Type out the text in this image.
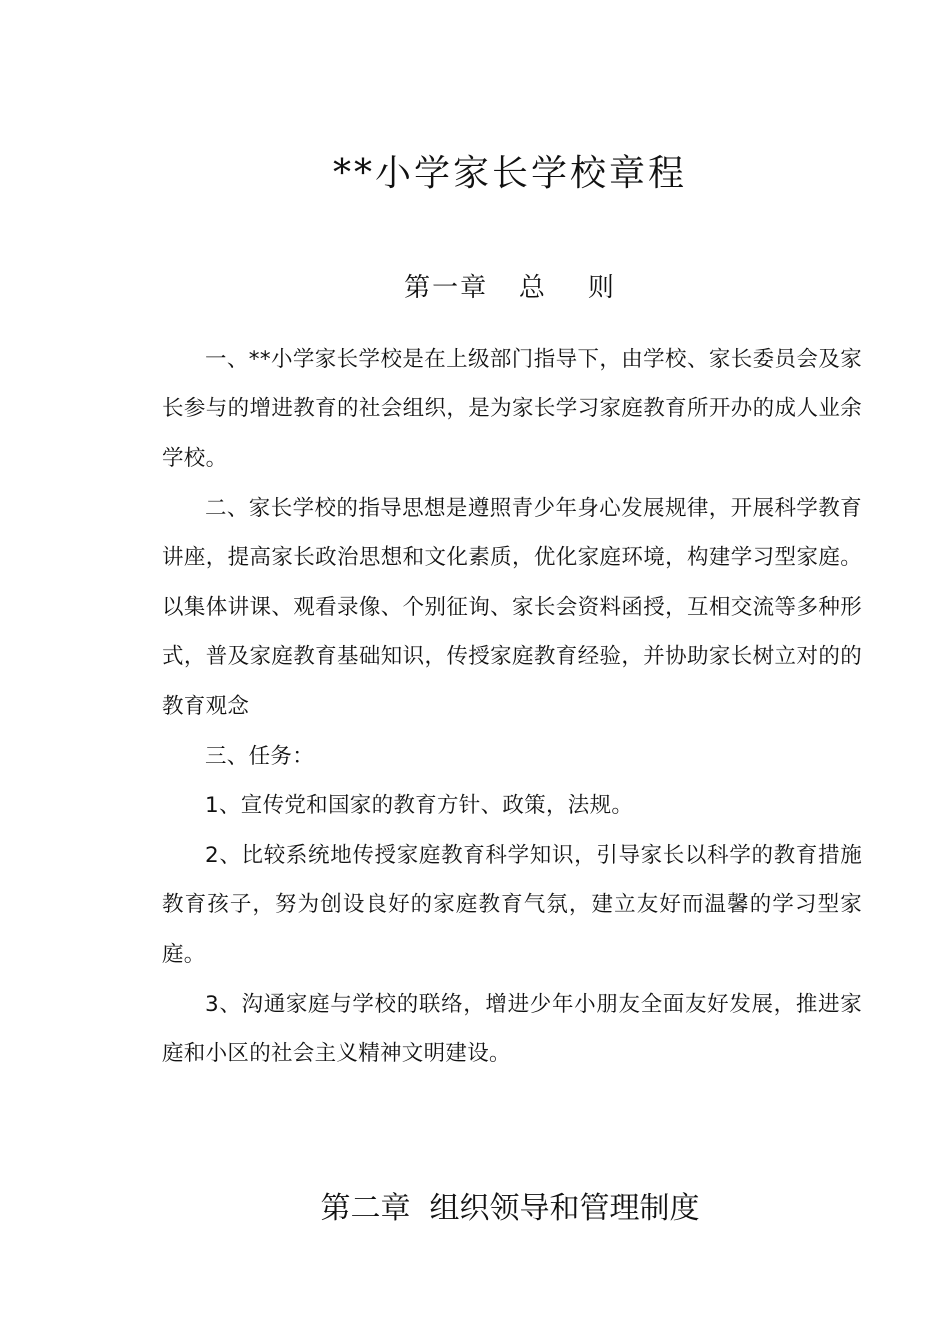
**小学家长学校章程
第一章   总    则

一、**小学家长学校是在上级部门指导下，由学校、家长委员会及家长参与的增进教育的社会组织，是为家长学习家庭教育所开办的成人业余学校。

二、家长学校的指导思想是遵照青少年身心发展规律，开展科学教育讲座，提高家长政治思想和文化素质，优化家庭环境，构建学习型家庭。以集体讲课、观看录像、个别征询、家长会资料函授，互相交流等多种形式，普及家庭教育基础知识，传授家庭教育经验，并协助家长树立对的的教育观念

三、任务：

1、宣传党和国家的教育方针、政策，法规。

2、比较系统地传授家庭教育科学知识，引导家长以科学的教育措施教育孩子，努为创设良好的家庭教育气氛，建立友好而温馨的学习型家庭。

3、沟通家庭与学校的联络，增进少年小朋友全面友好发展，推进家庭和小区的社会主义精神文明建设。

第二章  组织领导和管理制度
